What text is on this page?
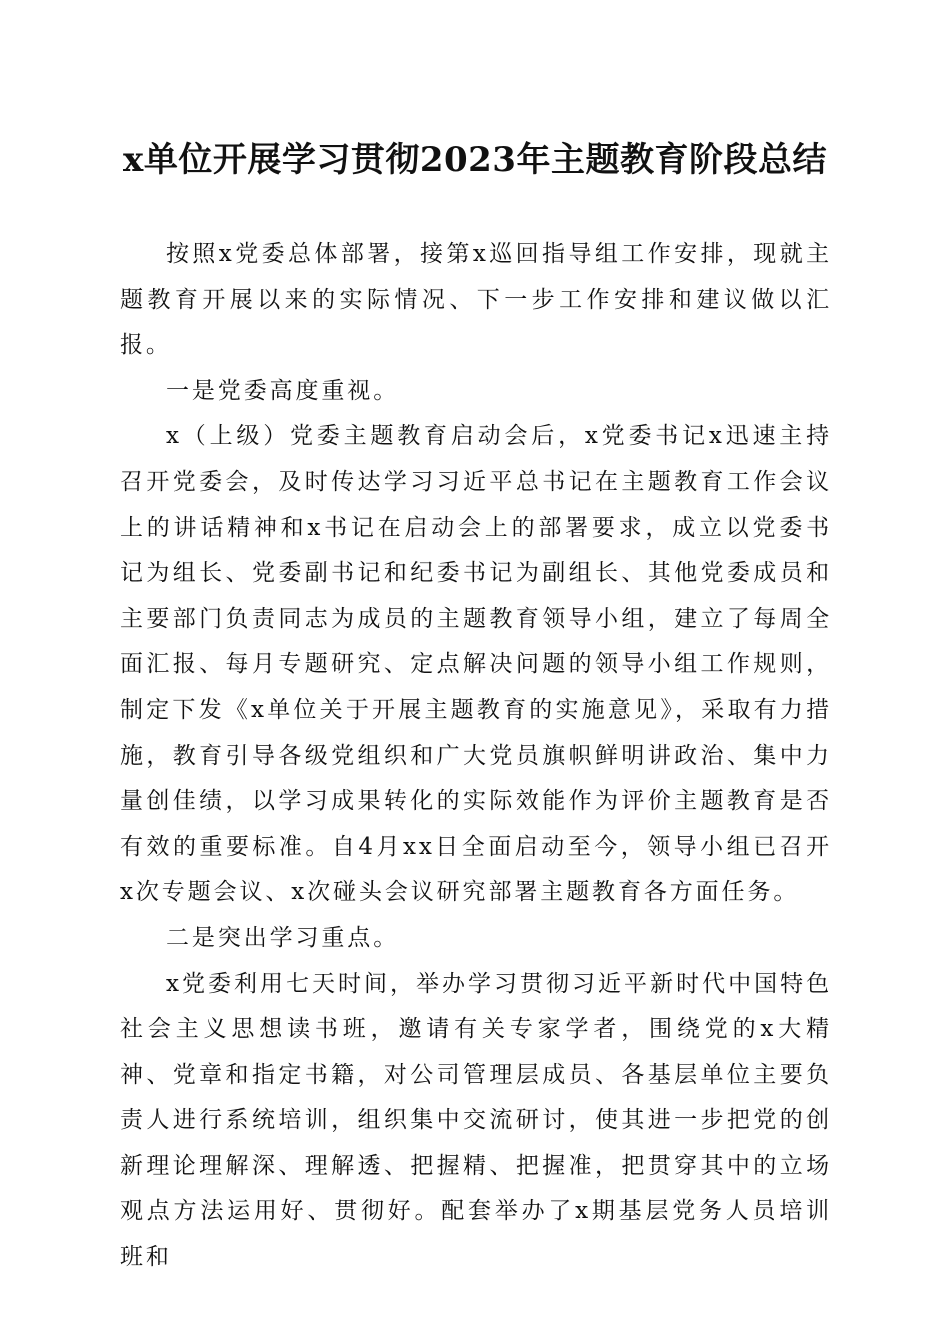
x单位开展学习贯彻2023年主题教育阶段总结

按照x党委总体部署，接第x巡回指导组工作安排，现就主题教育开展以来的实际情况、下一步工作安排和建议做以汇报。

一是党委高度重视。

x（上级）党委主题教育启动会后，x党委书记x迅速主持召开党委会，及时传达学习习近平总书记在主题教育工作会议上的讲话精神和x书记在启动会上的部署要求，成立以党委书记为组长、党委副书记和纪委书记为副组长、其他党委成员和主要部门负责同志为成员的主题教育领导小组，建立了每周全面汇报、每月专题研究、定点解决问题的领导小组工作规则，制定下发《x单位关于开展主题教育的实施意见》，采取有力措施，教育引导各级党组织和广大党员旗帜鲜明讲政治、集中力量创佳绩，以学习成果转化的实际效能作为评价主题教育是否有效的重要标准。自4月xx日全面启动至今，领导小组已召开x次专题会议、x次碰头会议研究部署主题教育各方面任务。

二是突出学习重点。

x党委利用七天时间，举办学习贯彻习近平新时代中国特色社会主义思想读书班，邀请有关专家学者，围绕党的x大精神、党章和指定书籍，对公司管理层成员、各基层单位主要负责人进行系统培训，组织集中交流研讨，使其进一步把党的创新理论理解深、理解透、把握精、把握准，把贯穿其中的立场观点方法运用好、贯彻好。配套举办了x期基层党务人员培训班和
